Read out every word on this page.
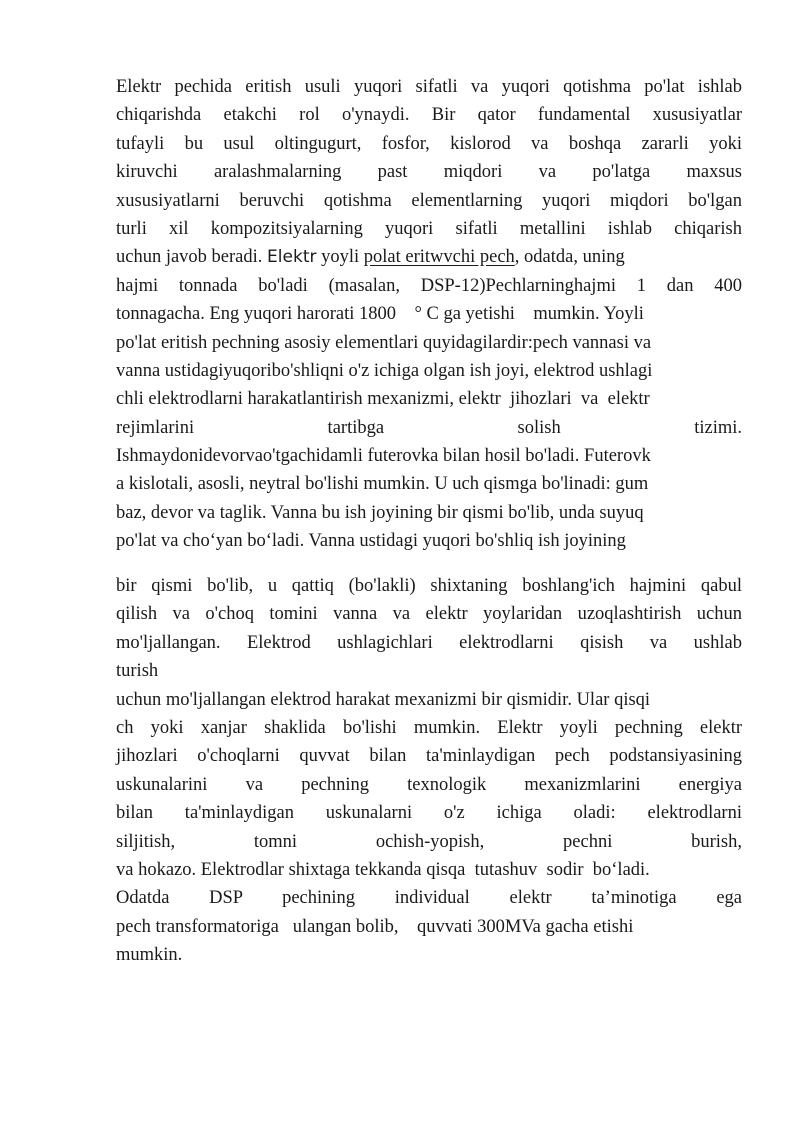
Elektr pechida eritish usuli yuqori sifatli va yuqori qotishma po'lat ishlab
chiqarishda etakchi rol o'ynaydi. Bir qator fundamental xususiyatlar
tufayli bu usul oltingugurt, fosfor, kislorod va boshqa zararli yoki
kiruvchi aralashmalarning past miqdori va po'latga maxsus
xususiyatlarni beruvchi qotishma elementlarning yuqori miqdori bo'lgan
turli xil kompozitsiyalarning yuqori sifatli metallini ishlab chiqarish
uchun javob beradi. Elektr yoyli polat eritwvchi pech, odatda, uning
hajmi tonnada bo'ladi (masalan, DSP-12)Pechlarninghajmi 1 dan 400
tonnagacha. Eng yuqori harorati 1800    ° C ga yetishi    mumkin. Yoyli
po'lat eritish pechning asosiy elementlari quyidagilardir:pech vannasi va
vanna ustidagiyuqoribo'shliqni o'z ichiga olgan ish joyi, elektrod ushlagi
chli elektrodlarni harakatlantirish mexanizmi, elektr  jihozlari  va  elektr
rejimlarini tartibga solish tizimi.
Ishmaydonidevorvao'tgachidamli futerovka bilan hosil bo'ladi. Futerovk
a kislotali, asosli, neytral bo'lishi mumkin. U uch qismga bo'linadi: gum
baz, devor va taglik. Vanna bu ish joyining bir qismi bo'lib, unda suyuq
po'lat va cho‘yan bo‘ladi. Vanna ustidagi yuqori bo'shliq ish joyining
bir qismi bo'lib, u qattiq (bo'lakli) shixtaning boshlang'ich hajmini qabul
qilish va o'choq tomini vanna va elektr yoylaridan uzoqlashtirish uchun
mo'ljallangan. Elektrod ushlagichlari elektrodlarni qisish va ushlab
turish
uchun mo'ljallangan elektrod harakat mexanizmi bir qismidir. Ular qisqi
ch yoki xanjar shaklida bo'lishi mumkin. Elektr yoyli pechning elektr
jihozlari o'choqlarni quvvat bilan ta'minlaydigan pech podstansiyasining
uskunalarini va pechning texnologik mexanizmlarini energiya
bilan ta'minlaydigan uskunalarni o'z ichiga oladi: elektrodlarni
siljitish, tomni ochish-yopish, pechni burish,
va hokazo. Elektrodlar shixtaga tekkanda qisqa  tutashuv  sodir  bo‘ladi.
Odatda DSP pechining individual elektr ta’minotiga ega
pech transformatoriga   ulangan bolib,    quvvati 300MVa gacha etishi
mumkin.
